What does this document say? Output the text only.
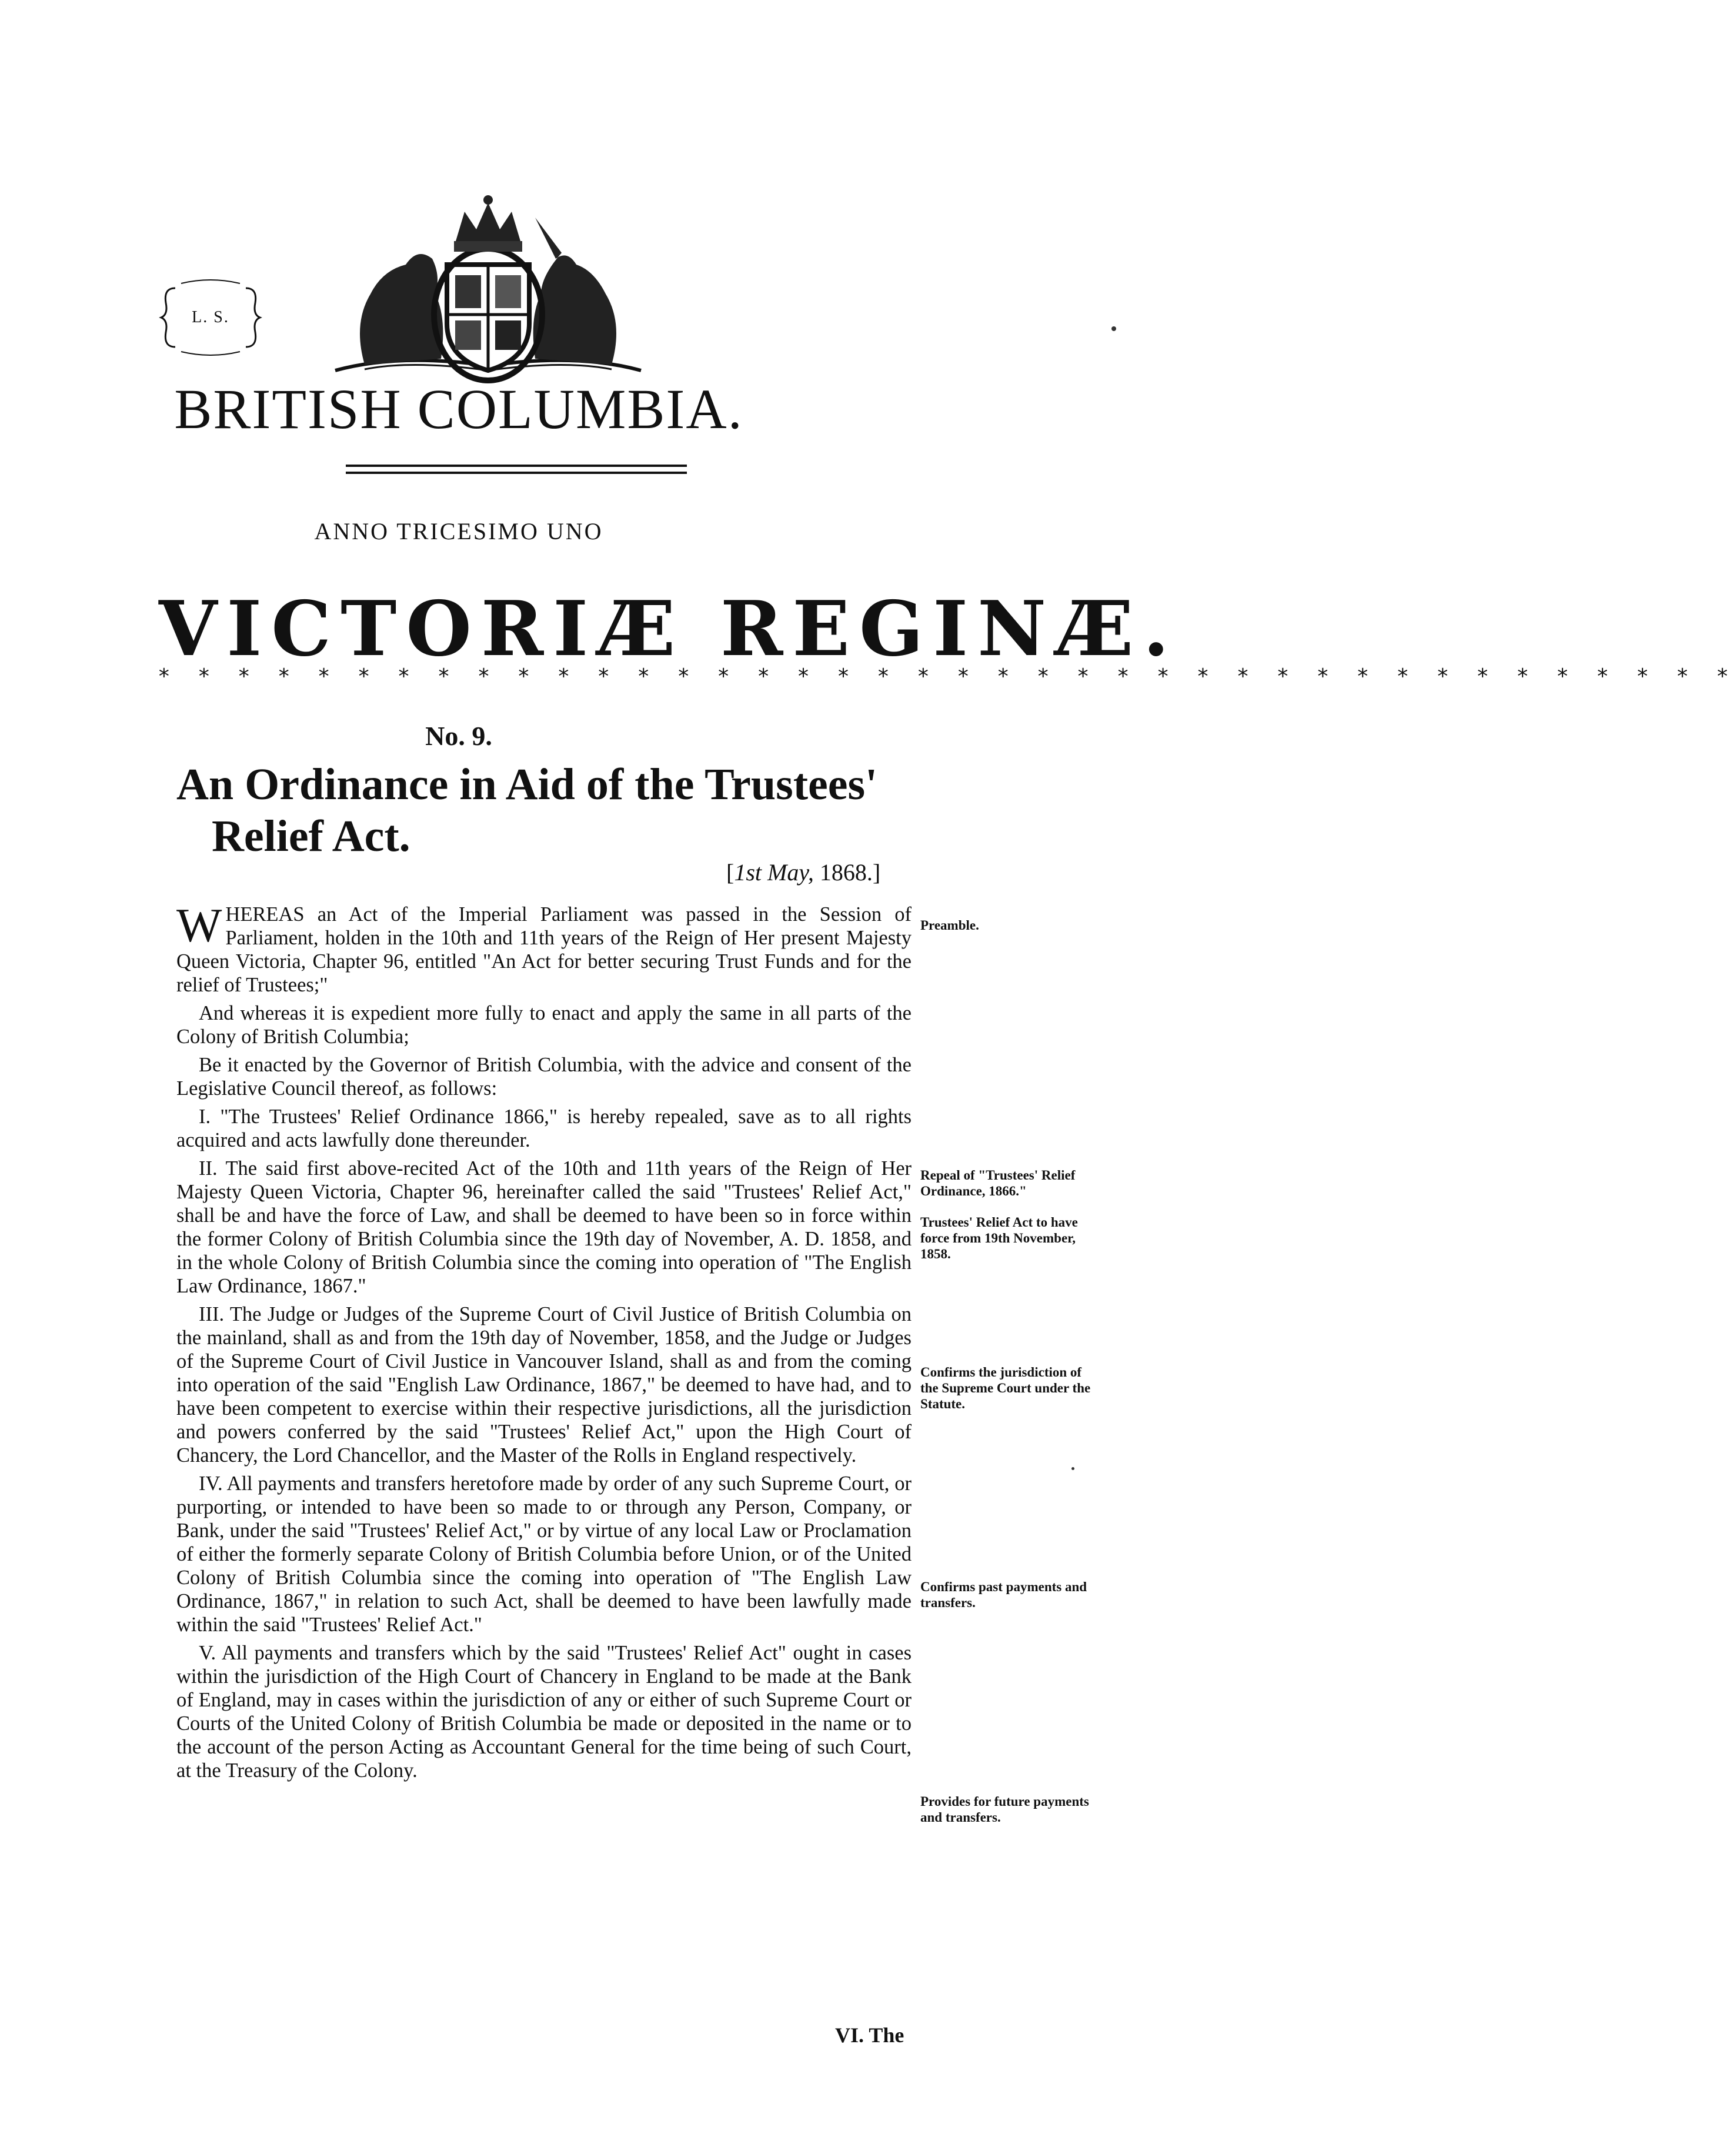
L. S.
BRITISH COLUMBIA.
ANNO TRICESIMO UNO
VICTORIÆ REGINÆ.
* * * * * * * * * * * * * * * * * * * * * * * * * * * * * * * * * * * * * * * *
No. 9.
An Ordinance in Aid of the Trustees'
Relief Act.
[1st May, 1868.]

WHEREAS an Act of the Imperial Parliament was passed in the Session of Parliament, holden in the 10th and 11th years of the Reign of Her present Majesty Queen Victoria, Chapter 96, entitled "An Act for better securing Trust Funds and for the relief of Trustees;"

And whereas it is expedient more fully to enact and apply the same in all parts of the Colony of British Columbia;

Be it enacted by the Governor of British Columbia, with the advice and consent of the Legislative Council thereof, as follows:

I. "The Trustees' Relief Ordinance 1866," is hereby repealed, save as to all rights acquired and acts lawfully done thereunder.

II. The said first above-recited Act of the 10th and 11th years of the Reign of Her Majesty Queen Victoria, Chapter 96, hereinafter called the said "Trustees' Relief Act," shall be and have the force of Law, and shall be deemed to have been so in force within the former Colony of British Columbia since the 19th day of November, A. D. 1858, and in the whole Colony of British Columbia since the coming into operation of "The English Law Ordinance, 1867."

III. The Judge or Judges of the Supreme Court of Civil Justice of British Columbia on the mainland, shall as and from the 19th day of November, 1858, and the Judge or Judges of the Supreme Court of Civil Justice in Vancouver Island, shall as and from the coming into operation of the said "English Law Ordinance, 1867," be deemed to have had, and to have been competent to exercise within their respective jurisdictions, all the jurisdiction and powers conferred by the said "Trustees' Relief Act," upon the High Court of Chancery, the Lord Chancellor, and the Master of the Rolls in England respectively.

IV. All payments and transfers heretofore made by order of any such Supreme Court, or purporting, or intended to have been so made to or through any Person, Company, or Bank, under the said "Trustees' Relief Act," or by virtue of any local Law or Proclamation of either the formerly separate Colony of British Columbia before Union, or of the United Colony of British Columbia since the coming into operation of "The English Law Ordinance, 1867," in relation to such Act, shall be deemed to have been lawfully made within the said "Trustees' Relief Act."

V. All payments and transfers which by the said "Trustees' Relief Act" ought in cases within the jurisdiction of the High Court of Chancery in England to be made at the Bank of England, may in cases within the jurisdiction of any or either of such Supreme Court or Courts of the United Colony of British Columbia be made or deposited in the name or to the account of the person Acting as Accountant General for the time being of such Court, at the Treasury of the Colony.

Preamble.
Repeal of "Trustees' Relief Ordinance, 1866."
Trustees' Relief Act to have force from 19th November, 1858.
Confirms the jurisdiction of the Supreme Court under the Statute.
Confirms past payments and transfers.
Provides for future payments and transfers.
VI. The
